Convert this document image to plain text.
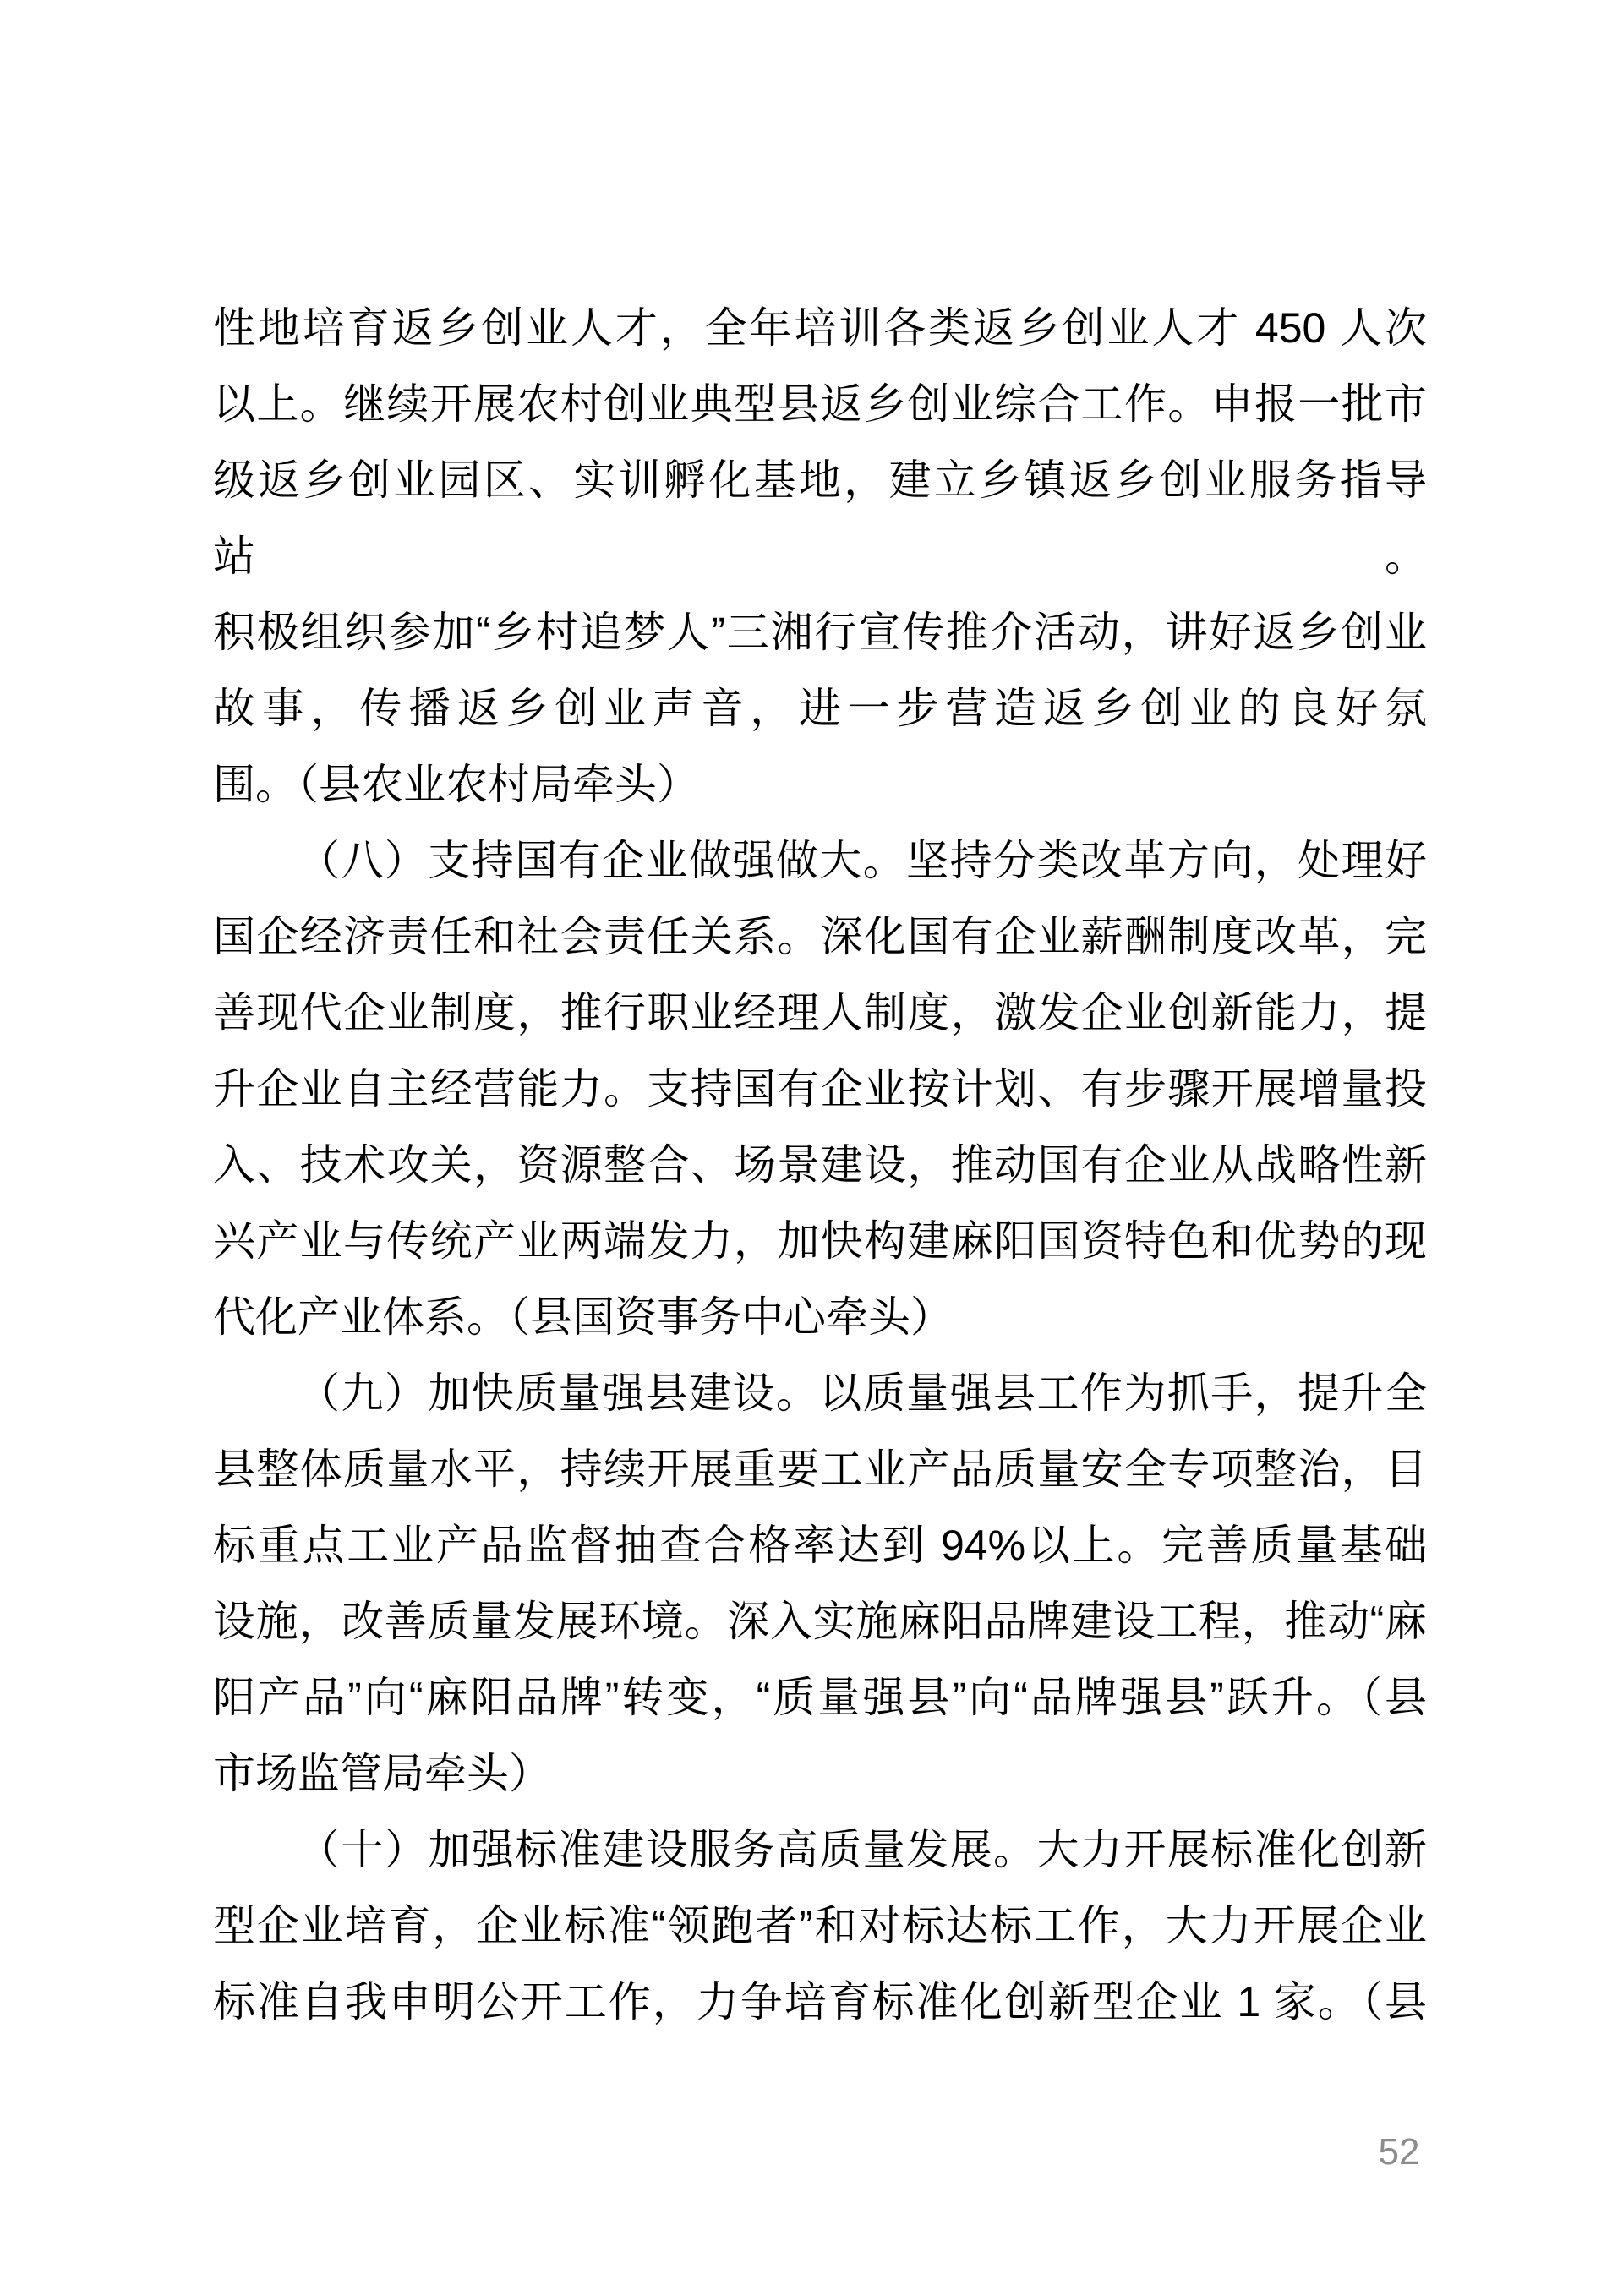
性地培育返乡创业人才，全年培训各类返乡创业人才 450 人次
以上。继续开展农村创业典型县返乡创业综合工作。申报一批市
级返乡创业园区、实训孵化基地，建立乡镇返乡创业服务指导站。
积极组织参加“乡村追梦人”三湘行宣传推介活动，讲好返乡创业
故事，传播返乡创业声音，进一步营造返乡创业的良好氛
围。（县农业农村局牵头）
（八）支持国有企业做强做大。坚持分类改革方向，处理好
国企经济责任和社会责任关系。深化国有企业薪酬制度改革，完
善现代企业制度，推行职业经理人制度，激发企业创新能力，提
升企业自主经营能力。支持国有企业按计划、有步骤开展增量投
入、技术攻关，资源整合、场景建设，推动国有企业从战略性新
兴产业与传统产业两端发力，加快构建麻阳国资特色和优势的现
代化产业体系。（县国资事务中心牵头）
（九）加快质量强县建设。以质量强县工作为抓手，提升全
县整体质量水平，持续开展重要工业产品质量安全专项整治，目
标重点工业产品监督抽查合格率达到 94%以上。完善质量基础
设施，改善质量发展环境。深入实施麻阳品牌建设工程，推动“麻
阳产品”向“麻阳品牌”转变，“质量强县”向“品牌强县”跃升。（县
市场监管局牵头）
（十）加强标准建设服务高质量发展。大力开展标准化创新
型企业培育，企业标准“领跑者”和对标达标工作，大力开展企业
标准自我申明公开工作，力争培育标准化创新型企业 1 家。（县
52
